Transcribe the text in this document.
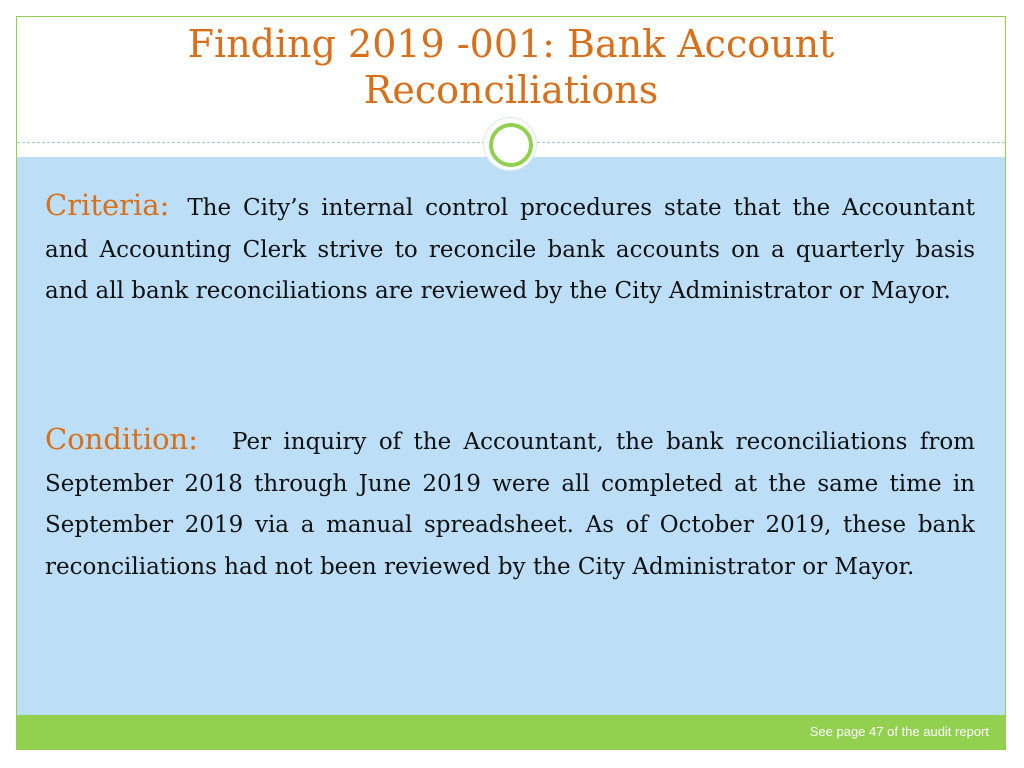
Finding 2019 -001: Bank Account Reconciliations

Criteria: The City’s internal control procedures state that the Accountant and Accounting Clerk strive to reconcile bank accounts on a quarterly basis and all bank reconciliations are reviewed by the City Administrator or Mayor.

Condition: Per inquiry of the Accountant, the bank reconciliations from September 2018 through June 2019 were all completed at the same time in September 2019 via a manual spreadsheet. As of October 2019, these bank reconciliations had not been reviewed by the City Administrator or Mayor.

See page 47 of the audit report
